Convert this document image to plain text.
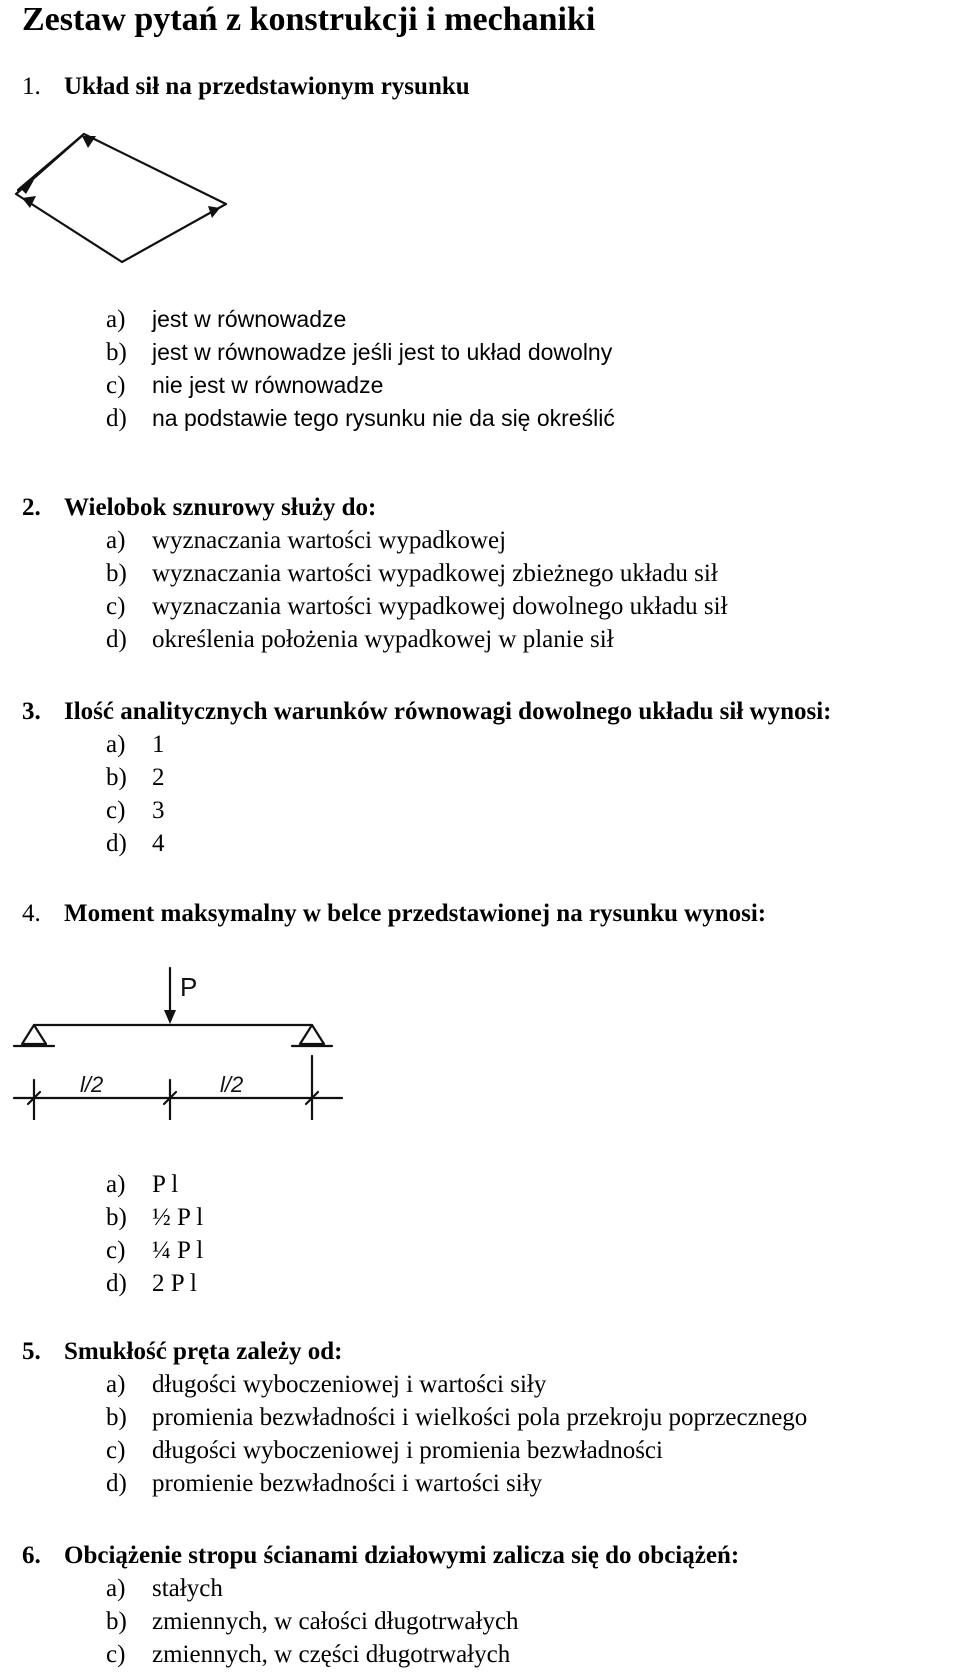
Zestaw pytań z konstrukcji i mechaniki
1. Układ sił na przedstawionym rysunku
a) jest w równowadze
b) jest w równowadze jeśli jest to układ dowolny
c) nie jest w równowadze
d) na podstawie tego rysunku nie da się określić
2. Wielobok sznurowy służy do:
a) wyznaczania wartości wypadkowej
b) wyznaczania wartości wypadkowej zbieżnego układu sił
c) wyznaczania wartości wypadkowej dowolnego układu sił
d) określenia położenia wypadkowej w planie sił
3. Ilość analitycznych warunków równowagi dowolnego układu sił wynosi:
a) 1
b) 2
c) 3
d) 4
4. Moment maksymalny w belce przedstawionej na rysunku wynosi:
P
l/2	l/2
a) P l
b) ½ P l
c) ¼ P l
d) 2 P l
5. Smukłość pręta zależy od:
a) długości wyboczeniowej i wartości siły
b) promienia bezwładności i wielkości pola przekroju poprzecznego
c) długości wyboczeniowej i promienia bezwładności
d) promienie bezwładności i wartości siły
6. Obciążenie stropu ścianami działowymi zalicza się do obciążeń:
a) stałych
b) zmiennych, w całości długotrwałych
c) zmiennych, w części długotrwałych
